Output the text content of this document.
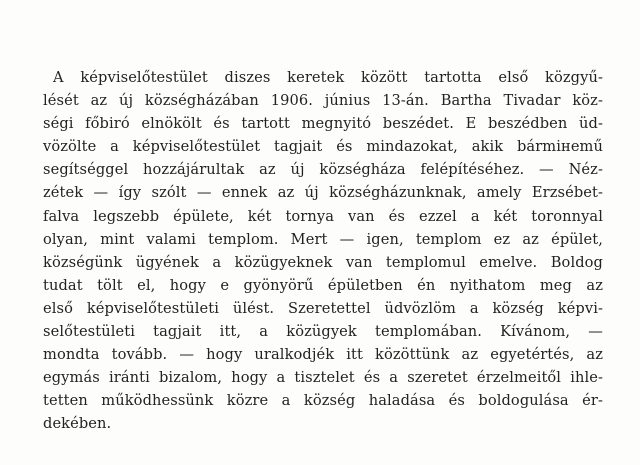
A képviselőtestület diszes keretek között tartotta első közgyű-
lését az új községházában 1906. június 13-án. Bartha Tivadar köz-
ségi főbiró elnökölt és tartott megnyitó beszédet. E beszédben üd-
vözölte a képviselőtestület tagjait és mindazokat, akik bármiнemű
segítséggel hozzájárultak az új községháza felépítéséhez. — Néz-
zétek — így szólt — ennek az új községházunknak, amely Erzsébet-
falva legszebb épülete, két tornya van és ezzel a két toronnyal
olyan, mint valami templom. Mert — igen, templom ez az épület,
községünk ügyének a közügyeknek van templomul emelve. Boldog
tudat tölt el, hogy e gyönyörű épületben én nyithatom meg az
első képviselőtestületi ülést. Szeretettel üdvözlöm a község képvi-
selőtestületi tagjait itt, a közügyek templomában. Kívánom, —
mondta tovább. — hogy uralkodjék itt közöttünk az egyetértés, az
egymás iránti bizalom, hogy a tisztelet és a szeretet érzelmeitől ihle-
tetten működhessünk közre a község haladása és boldogulása ér-
dekében.
